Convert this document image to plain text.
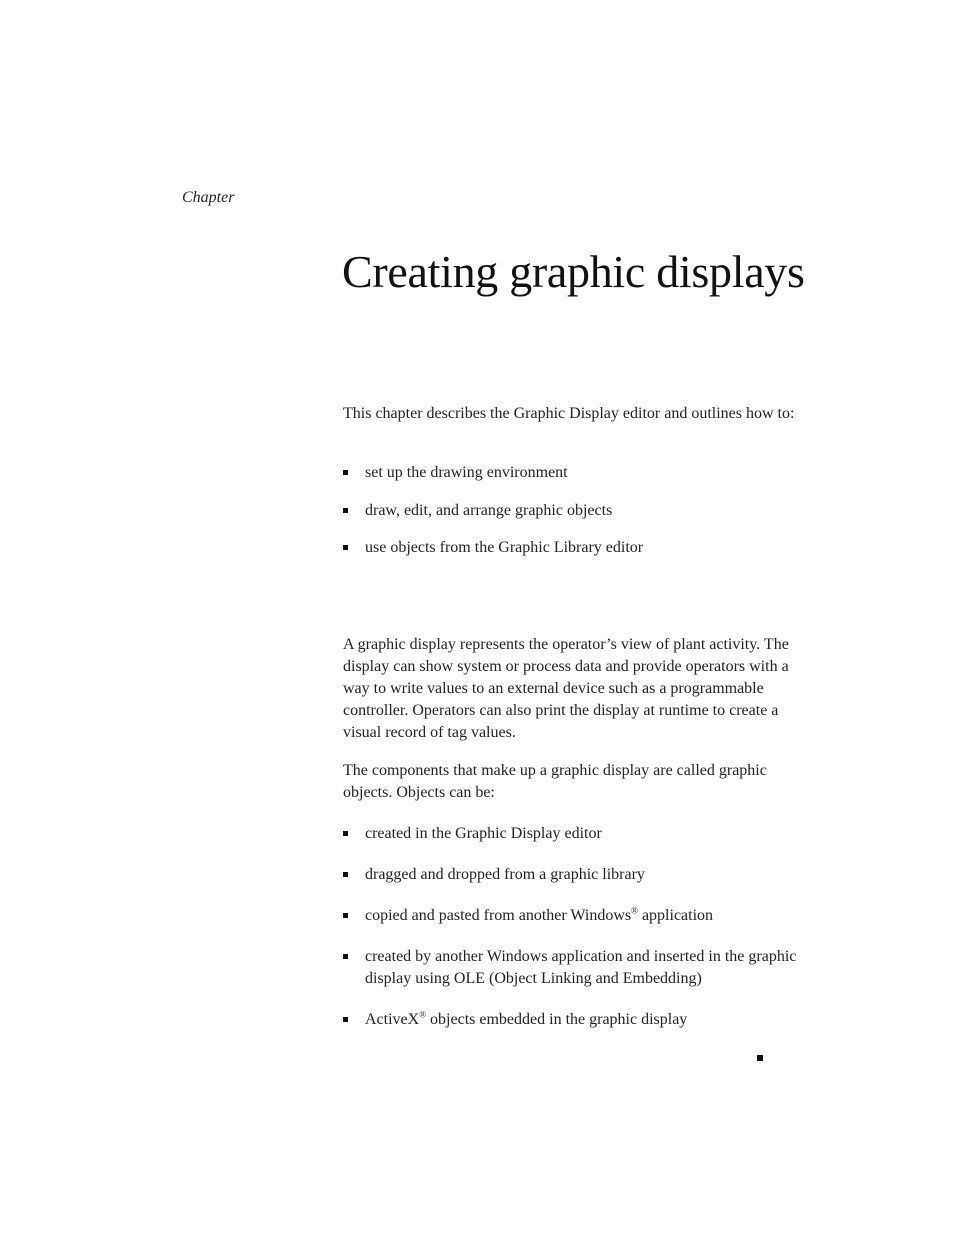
Chapter
Creating graphic displays

This chapter describes the Graphic Display editor and outlines how to:

set up the drawing environment
draw, edit, and arrange graphic objects
use objects from the Graphic Library editor

A graphic display represents the operator’s view of plant activity. The display can show system or process data and provide operators with a way to write values to an external device such as a programmable controller. Operators can also print the display at runtime to create a visual record of tag values.

The components that make up a graphic display are called graphic objects. Objects can be:

created in the Graphic Display editor
dragged and dropped from a graphic library
copied and pasted from another Windows® application
created by another Windows application and inserted in the graphic display using OLE (Object Linking and Embedding)
ActiveX® objects embedded in the graphic display
